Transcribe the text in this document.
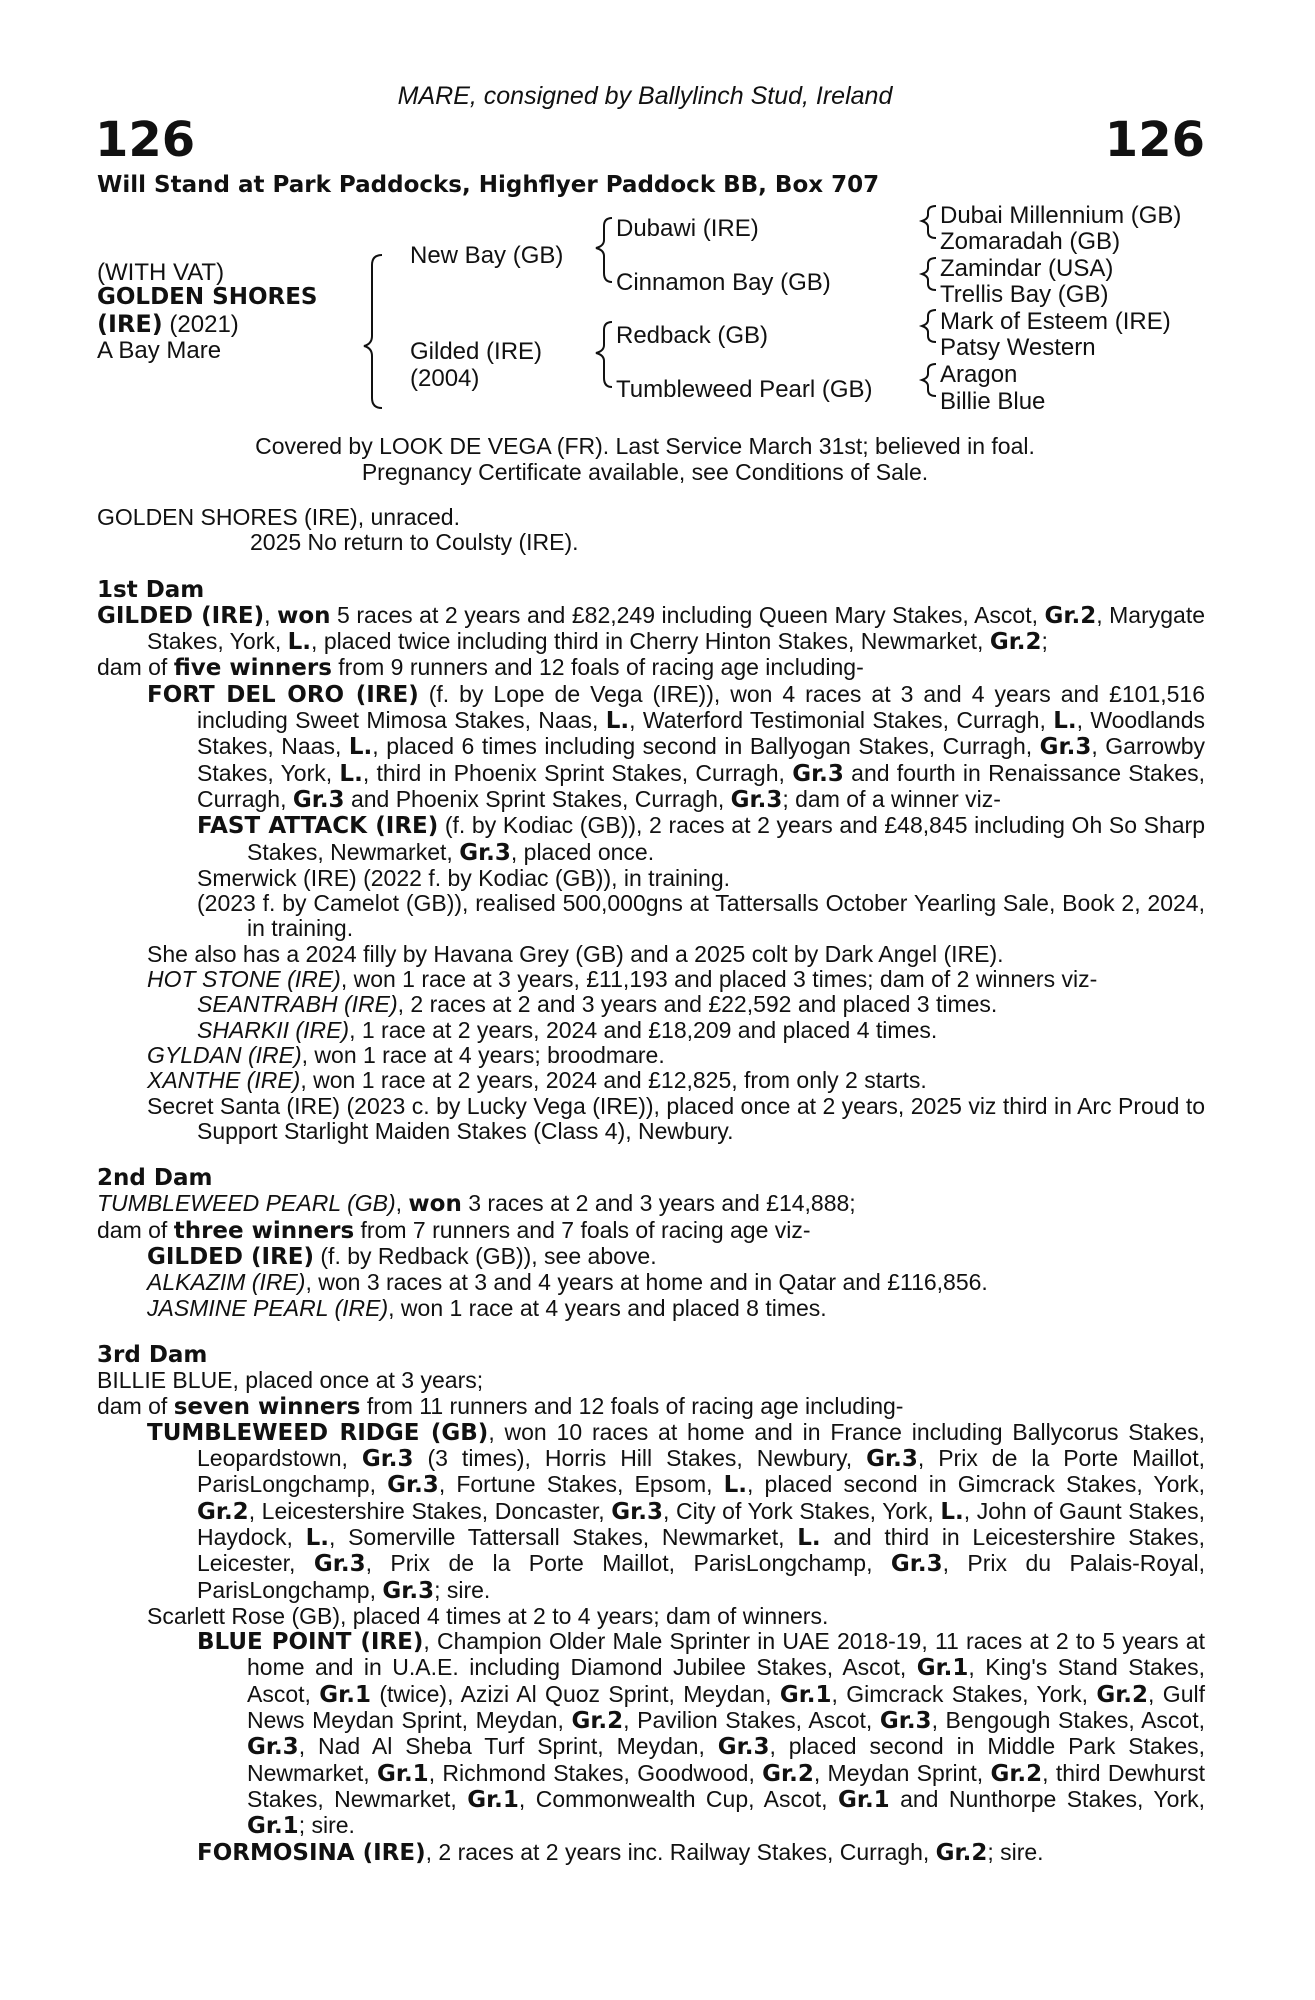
MARE, consigned by Ballylinch Stud, Ireland
126	126
Will Stand at Park Paddocks, Highflyer Paddock BB, Box 707
(WITH VAT)
GOLDEN SHORES
(IRE) (2021)
A Bay Mare
New Bay (GB)
Gilded (IRE)
(2004)
Dubawi (IRE)
Cinnamon Bay (GB)
Redback (GB)
Tumbleweed Pearl (GB)
Dubai Millennium (GB)
Zomaradah (GB)
Zamindar (USA)
Trellis Bay (GB)
Mark of Esteem (IRE)
Patsy Western
Aragon
Billie Blue
Covered by LOOK DE VEGA (FR). Last Service March 31st; believed in foal.
Pregnancy Certificate available, see Conditions of Sale.

GOLDEN SHORES (IRE), unraced.

2025 No return to Coulsty (IRE).

1st Dam

GILDED (IRE), won 5 races at 2 years and £82,249 including Queen Mary Stakes, Ascot, Gr.2, Marygate Stakes, York, L., placed twice including third in Cherry Hinton Stakes, Newmarket, Gr.2;

dam of five winners from 9 runners and 12 foals of racing age including-

FORT DEL ORO (IRE) (f. by Lope de Vega (IRE)), won 4 races at 3 and 4 years and £101,516 including Sweet Mimosa Stakes, Naas, L., Waterford Testimonial Stakes, Curragh, L., Woodlands Stakes, Naas, L., placed 6 times including second in Ballyogan Stakes, Curragh, Gr.3, Garrowby Stakes, York, L., third in Phoenix Sprint Stakes, Curragh, Gr.3 and fourth in Renaissance Stakes, Curragh, Gr.3 and Phoenix Sprint Stakes, Curragh, Gr.3; dam of a winner viz-

FAST ATTACK (IRE) (f. by Kodiac (GB)), 2 races at 2 years and £48,845 including Oh So Sharp Stakes, Newmarket, Gr.3, placed once.

Smerwick (IRE) (2022 f. by Kodiac (GB)), in training.

(2023 f. by Camelot (GB)), realised 500,000gns at Tattersalls October Yearling Sale, Book 2, 2024, in training.

She also has a 2024 filly by Havana Grey (GB) and a 2025 colt by Dark Angel (IRE).

HOT STONE (IRE), won 1 race at 3 years, £11,193 and placed 3 times; dam of 2 winners viz-

SEANTRABH (IRE), 2 races at 2 and 3 years and £22,592 and placed 3 times.

SHARKII (IRE), 1 race at 2 years, 2024 and £18,209 and placed 4 times.

GYLDAN (IRE), won 1 race at 4 years; broodmare.

XANTHE (IRE), won 1 race at 2 years, 2024 and £12,825, from only 2 starts.

Secret Santa (IRE) (2023 c. by Lucky Vega (IRE)), placed once at 2 years, 2025 viz third in Arc Proud to Support Starlight Maiden Stakes (Class 4), Newbury.

2nd Dam

TUMBLEWEED PEARL (GB), won 3 races at 2 and 3 years and £14,888;

dam of three winners from 7 runners and 7 foals of racing age viz-

GILDED (IRE) (f. by Redback (GB)), see above.

ALKAZIM (IRE), won 3 races at 3 and 4 years at home and in Qatar and £116,856.

JASMINE PEARL (IRE), won 1 race at 4 years and placed 8 times.

3rd Dam

BILLIE BLUE, placed once at 3 years;

dam of seven winners from 11 runners and 12 foals of racing age including-

TUMBLEWEED RIDGE (GB), won 10 races at home and in France including Ballycorus Stakes, Leopardstown, Gr.3 (3 times), Horris Hill Stakes, Newbury, Gr.3, Prix de la Porte Maillot, ParisLongchamp, Gr.3, Fortune Stakes, Epsom, L., placed second in Gimcrack Stakes, York, Gr.2, Leicestershire Stakes, Doncaster, Gr.3, City of York Stakes, York, L., John of Gaunt Stakes, Haydock, L., Somerville Tattersall Stakes, Newmarket, L. and third in Leicestershire Stakes, Leicester, Gr.3, Prix de la Porte Maillot, ParisLongchamp, Gr.3, Prix du Palais-Royal, ParisLongchamp, Gr.3; sire.

Scarlett Rose (GB), placed 4 times at 2 to 4 years; dam of winners.

BLUE POINT (IRE), Champion Older Male Sprinter in UAE 2018-19, 11 races at 2 to 5 years at home and in U.A.E. including Diamond Jubilee Stakes, Ascot, Gr.1, King's Stand Stakes, Ascot, Gr.1 (twice), Azizi Al Quoz Sprint, Meydan, Gr.1, Gimcrack Stakes, York, Gr.2, Gulf News Meydan Sprint, Meydan, Gr.2, Pavilion Stakes, Ascot, Gr.3, Bengough Stakes, Ascot, Gr.3, Nad Al Sheba Turf Sprint, Meydan, Gr.3, placed second in Middle Park Stakes, Newmarket, Gr.1, Richmond Stakes, Goodwood, Gr.2, Meydan Sprint, Gr.2, third Dewhurst Stakes, Newmarket, Gr.1, Commonwealth Cup, Ascot, Gr.1 and Nunthorpe Stakes, York, Gr.1; sire.

FORMOSINA (IRE), 2 races at 2 years inc. Railway Stakes, Curragh, Gr.2; sire.
